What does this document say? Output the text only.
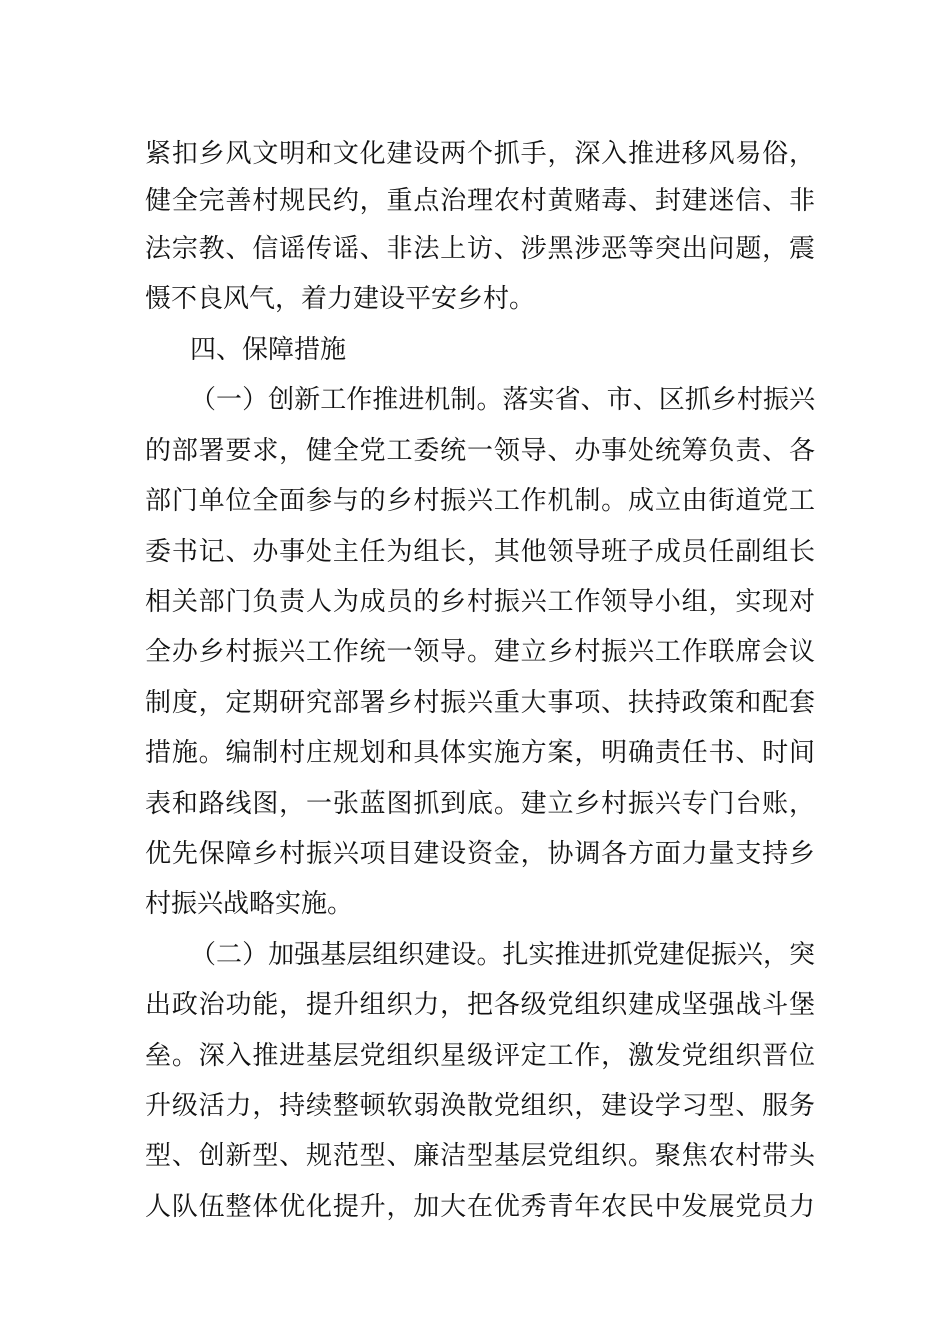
紧扣乡风文明和文化建设两个抓手，深入推进移风易俗，
健全完善村规民约，重点治理农村黄赌毒、封建迷信、非
法宗教、信谣传谣、非法上访、涉黑涉恶等突出问题，震
慑不良风气，着力建设平安乡村。
四、保障措施
（一）创新工作推进机制。落实省、市、区抓乡村振兴
的部署要求，健全党工委统一领导、办事处统筹负责、各
部门单位全面参与的乡村振兴工作机制。成立由街道党工
委书记、办事处主任为组长，其他领导班子成员任副组长
相关部门负责人为成员的乡村振兴工作领导小组，实现对
全办乡村振兴工作统一领导。建立乡村振兴工作联席会议
制度，定期研究部署乡村振兴重大事项、扶持政策和配套
措施。编制村庄规划和具体实施方案，明确责任书、时间
表和路线图，一张蓝图抓到底。建立乡村振兴专门台账，
优先保障乡村振兴项目建设资金，协调各方面力量支持乡
村振兴战略实施。
（二）加强基层组织建设。扎实推进抓党建促振兴，突
出政治功能，提升组织力，把各级党组织建成坚强战斗堡
垒。深入推进基层党组织星级评定工作，激发党组织晋位
升级活力，持续整顿软弱涣散党组织，建设学习型、服务
型、创新型、规范型、廉洁型基层党组织。聚焦农村带头
人队伍整体优化提升，加大在优秀青年农民中发展党员力
